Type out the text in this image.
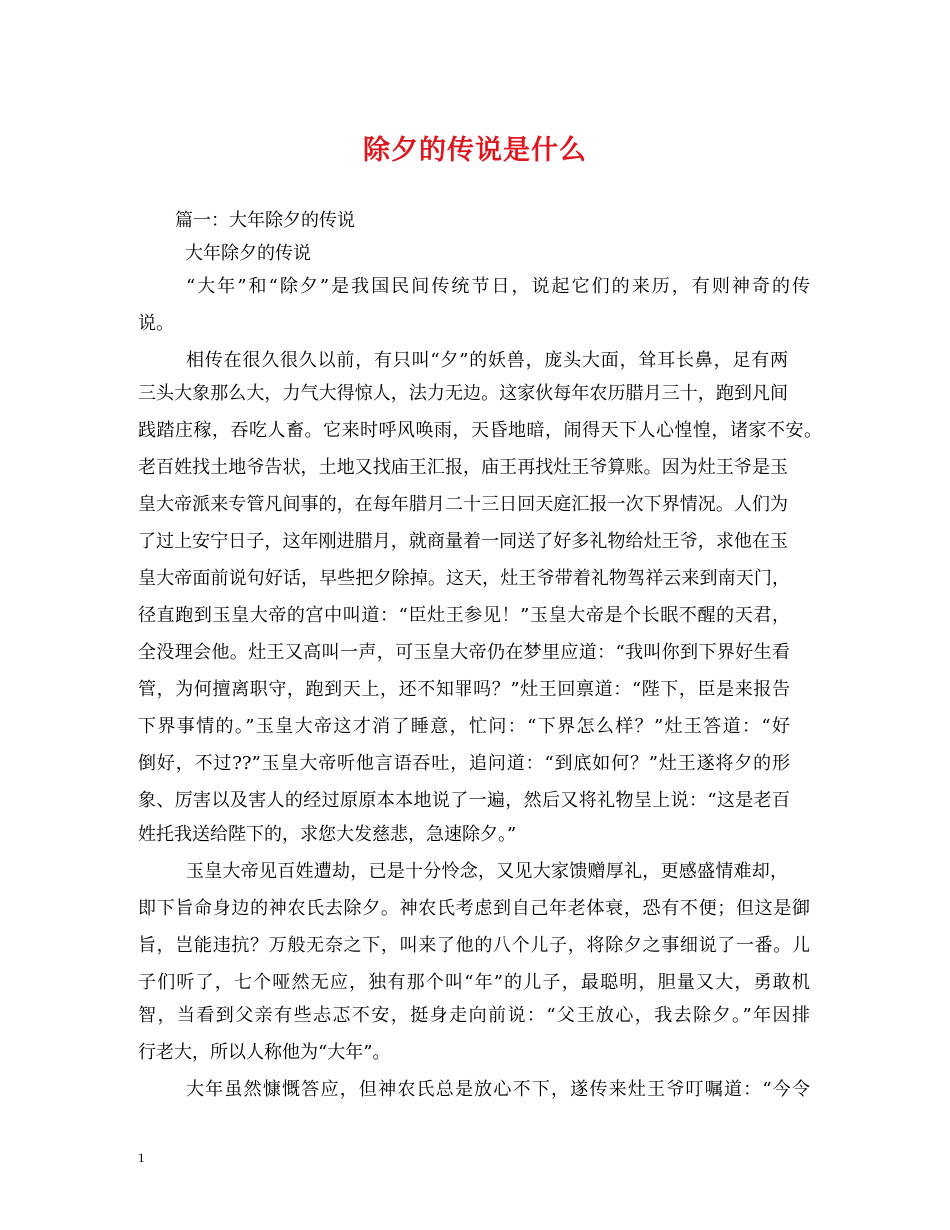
除夕的传说是什么
篇一：大年除夕的传说
大年除夕的传说
“大年”和“除夕”是我国民间传统节日，说起它们的来历，有则神奇的传
说。
相传在很久很久以前，有只叫“夕”的妖兽，庞头大面，耸耳长鼻，足有两
三头大象那么大，力气大得惊人，法力无边。这家伙每年农历腊月三十，跑到凡间
践踏庄稼，吞吃人畜。它来时呼风唤雨，天昏地暗，闹得天下人心惶惶，诸家不安。
老百姓找土地爷告状，土地又找庙王汇报，庙王再找灶王爷算账。因为灶王爷是玉
皇大帝派来专管凡间事的，在每年腊月二十三日回天庭汇报一次下界情况。人们为
了过上安宁日子，这年刚进腊月，就商量着一同送了好多礼物给灶王爷，求他在玉
皇大帝面前说句好话，早些把夕除掉。这天，灶王爷带着礼物驾祥云来到南天门，
径直跑到玉皇大帝的宫中叫道：“臣灶王参见！”玉皇大帝是个长眠不醒的天君，
全没理会他。灶王又高叫一声，可玉皇大帝仍在梦里应道：“我叫你到下界好生看
管，为何擅离职守，跑到天上，还不知罪吗？”灶王回禀道：“陛下，臣是来报告
下界事情的。”玉皇大帝这才消了睡意，忙问：“下界怎么样？”灶王答道：“好
倒好，不过??”玉皇大帝听他言语吞吐，追问道：“到底如何？”灶王遂将夕的形
象、厉害以及害人的经过原原本本地说了一遍，然后又将礼物呈上说：“这是老百
姓托我送给陛下的，求您大发慈悲，急速除夕。”
玉皇大帝见百姓遭劫，已是十分怜念，又见大家馈赠厚礼，更感盛情难却，
即下旨命身边的神农氏去除夕。神农氏考虑到自己年老体衰，恐有不便；但这是御
旨，岂能违抗？万般无奈之下，叫来了他的八个儿子，将除夕之事细说了一番。儿
子们听了，七个哑然无应，独有那个叫“年”的儿子，最聪明，胆量又大，勇敢机
智，当看到父亲有些忐忑不安，挺身走向前说：“父王放心，我去除夕。”年因排
行老大，所以人称他为“大年”。
大年虽然慷慨答应，但神农氏总是放心不下，遂传来灶王爷叮嘱道：“今令
1
